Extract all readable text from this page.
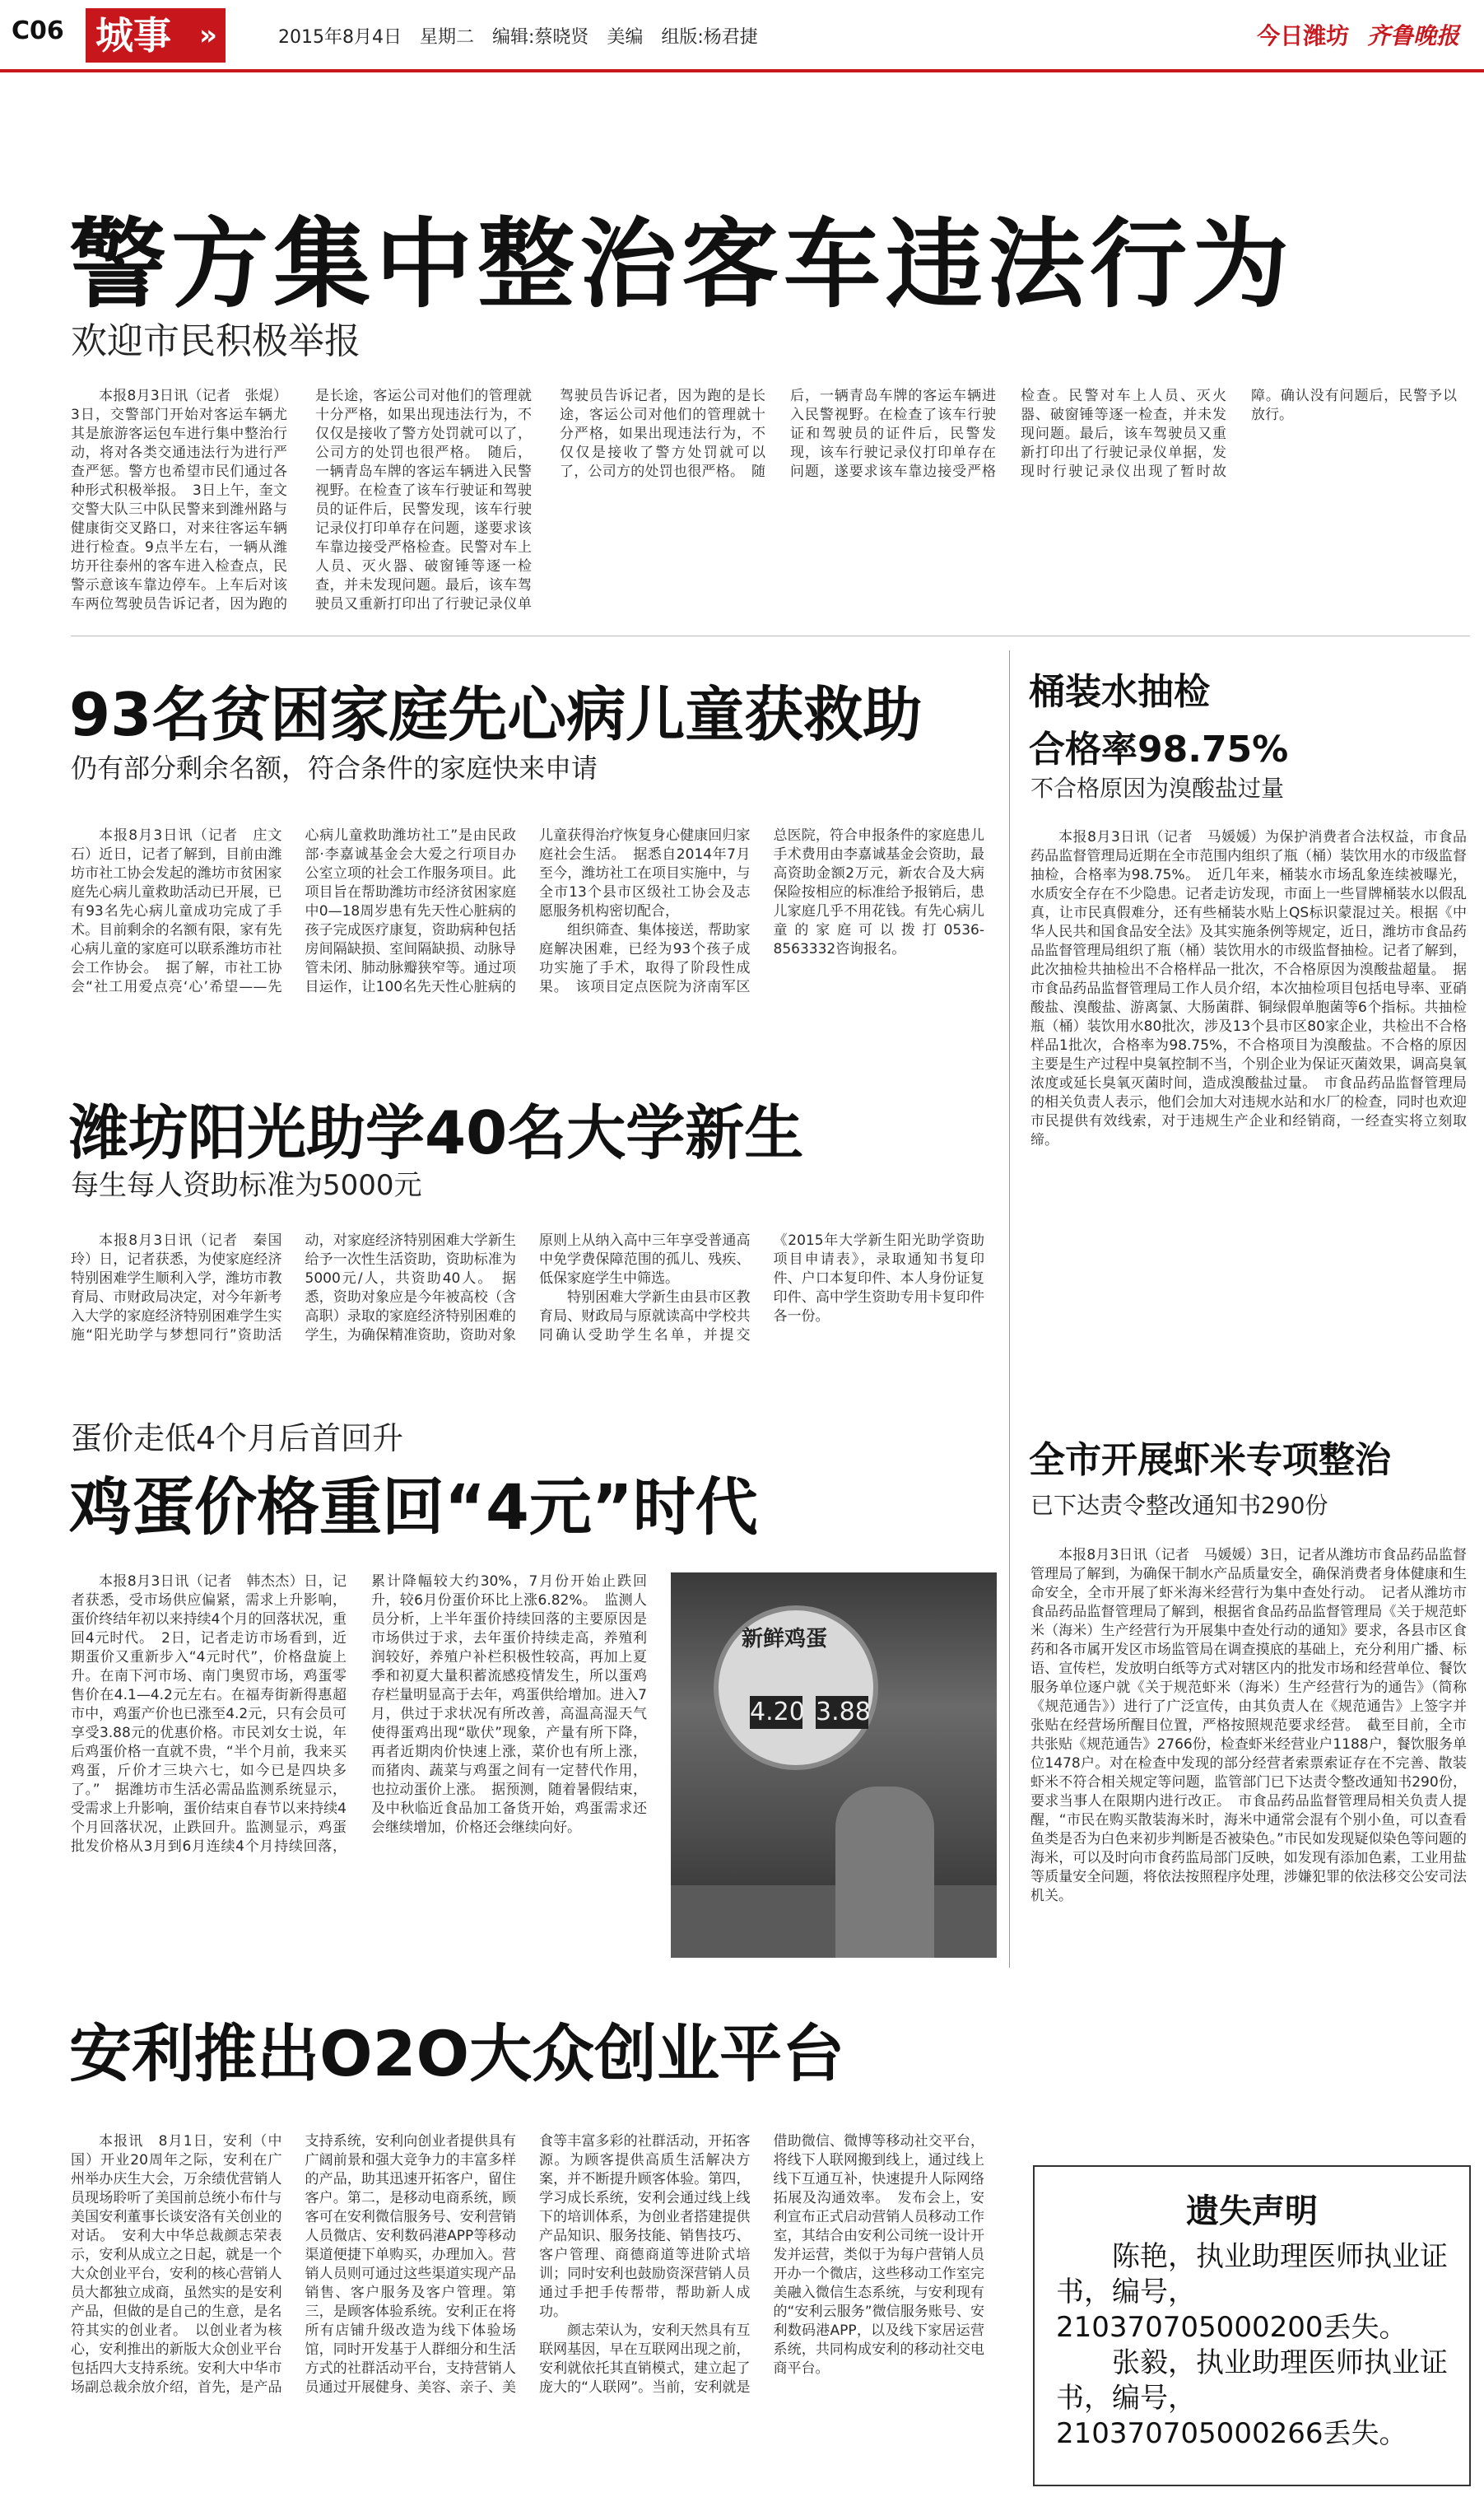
C06 城事 »	2015年8月4日　星期二　编辑:蔡晓贤　美编　组版:杨君捷	今日潍坊 齐鲁晚报
警方集中整治客车违法行为
欢迎市民积极举报

本报8月3日讯（记者　张焜）3日，交警部门开始对客运车辆尤其是旅游客运包车进行集中整治行动，将对各类交通违法行为进行严查严惩。警方也希望市民们通过各种形式积极举报。　3日上午，奎文交警大队三中队民警来到潍州路与健康街交叉路口，对来往客运车辆进行检查。9点半左右，一辆从潍坊开往泰州的客车进入检查点，民警示意该车靠边停车。上车后对该车两位驾驶员告诉记者，因为跑的是长途，客运公司对他们的管理就十分严格，如果出现违法行为，不仅仅是接收了警方处罚就可以了，公司方的处罚也很严格。　随后，一辆青岛车牌的客运车辆进入民警视野。在检查了该车行驶证和驾驶员的证件后，民警发现，该车行驶记录仪打印单存在问题，遂要求该车靠边接受严格检查。民警对车上人员、灭火器、破窗锤等逐一检查，并未发现问题。最后，该车驾驶员又重新打印出了行驶记录仪单

　　驾驶员告诉记者，因为跑的是长途，客运公司对他们的管理就十分严格，如果出现违法行为，不仅仅是接收了警方处罚就可以了，公司方的处罚也很严格。　随后，一辆青岛车牌的客运车辆进入民警视野。在检查了该车行驶证和驾驶员的证件后，民警发现，该车行驶记录仪打印单存在问题，遂要求该车靠边接受严格检查。民警对车上人员、灭火器、破窗锤等逐一检查，并未发现问题。最后，该车驾驶员又重新打印出了行驶记录仪单据，发现时行驶记录仪出现了暂时故障。确认没有问题后，民警予以放行。

93名贫困家庭先心病儿童获救助
仍有部分剩余名额，符合条件的家庭快来申请

本报8月3日讯（记者　庄文石）近日，记者了解到，目前由潍坊市社工协会发起的潍坊市贫困家庭先心病儿童救助活动已开展，已有93名先心病儿童成功完成了手术。目前剩余的名额有限，家有先心病儿童的家庭可以联系潍坊市社会工作协会。　据了解，市社工协会“社工用爱点亮‘心’希望——先心病儿童救助潍坊社工”是由民政部·李嘉诚基金会大爱之行项目办公室立项的社会工作服务项目。此项目旨在帮助潍坊市经济贫困家庭中0—18周岁患有先天性心脏病的孩子完成医疗康复，资助病种包括房间隔缺损、室间隔缺损、动脉导管未闭、肺动脉瓣狭窄等。通过项目运作，让100名先天性心脏病的儿童获得治疗恢复身心健康回归家庭社会生活。　据悉自2014年7月至今，潍坊社工在项目实施中，与全市13个县市区级社工协会及志愿服务机构密切配合，

组织筛查、集体接送，帮助家庭解决困难，已经为93个孩子成功实施了手术，取得了阶段性成果。　该项目定点医院为济南军区总医院，符合申报条件的家庭患儿手术费用由李嘉诚基金会资助，最高资助金额2万元，新农合及大病保险按相应的标准给予报销后，患儿家庭几乎不用花钱。有先心病儿童的家庭可以拨打0536-8563332咨询报名。

桶装水抽检
合格率98.75%
不合格原因为溴酸盐过量

本报8月3日讯（记者　马媛媛）为保护消费者合法权益，市食品药品监督管理局近期在全市范围内组织了瓶（桶）装饮用水的市级监督抽检，合格率为98.75%。　近几年来，桶装水市场乱象连续被曝光，水质安全存在不少隐患。记者走访发现，市面上一些冒牌桶装水以假乱真，让市民真假难分，还有些桶装水贴上QS标识蒙混过关。根据《中华人民共和国食品安全法》及其实施条例等规定，近日，潍坊市食品药品监督管理局组织了瓶（桶）装饮用水的市级监督抽检。记者了解到，此次抽检共抽检出不合格样品一批次，不合格原因为溴酸盐超量。　据市食品药品监督管理局工作人员介绍，本次抽检项目包括电导率、亚硝酸盐、溴酸盐、游离氯、大肠菌群、铜绿假单胞菌等6个指标。共抽检瓶（桶）装饮用水80批次，涉及13个县市区80家企业，共检出不合格样品1批次，合格率为98.75%，不合格项目为溴酸盐。不合格的原因主要是生产过程中臭氧控制不当，个别企业为保证灭菌效果，调高臭氧浓度或延长臭氧灭菌时间，造成溴酸盐过量。　市食品药品监督管理局的相关负责人表示，他们会加大对违规水站和水厂的检查，同时也欢迎市民提供有效线索，对于违规生产企业和经销商，一经查实将立刻取缔。

潍坊阳光助学40名大学新生
每生每人资助标准为5000元

本报8月3日讯（记者　秦国玲）日，记者获悉，为使家庭经济特别困难学生顺利入学，潍坊市教育局、市财政局决定，对今年新考入大学的家庭经济特别困难学生实施“阳光助学与梦想同行”资助活动，对家庭经济特别困难大学新生给予一次性生活资助，资助标准为5000元/人，共资助40人。　据悉，资助对象应是今年被高校（含高职）录取的家庭经济特别困难的学生，为确保精准资助，资助对象原则上从纳入高中三年享受普通高中免学费保障范围的孤儿、残疾、低保家庭学生中筛选。

特别困难大学新生由县市区教育局、财政局与原就读高中学校共同确认受助学生名单，并提交《2015年大学新生阳光助学资助项目申请表》，录取通知书复印件、户口本复印件、本人身份证复印件、高中学生资助专用卡复印件各一份。

蛋价走低4个月后首回升
鸡蛋价格重回“4元”时代

本报8月3日讯（记者　韩杰杰）日，记者获悉，受市场供应偏紧，需求上升影响，蛋价终结年初以来持续4个月的回落状况，重回4元时代。　2日，记者走访市场看到，近期蛋价又重新步入“4元时代”，价格盘旋上升。在南下河市场、南门奥贸市场，鸡蛋零售价在4.1—4.2元左右。在福寿街新得惠超市中，鸡蛋产价也已涨至4.2元，只有会员可享受3.88元的优惠价格。市民刘女士说，年后鸡蛋价格一直就不贵，“半个月前，我来买鸡蛋，斤价才三块六七，如今已是四块多了。”　据潍坊市生活必需品监测系统显示，受需求上升影响，蛋价结束自春节以来持续4个月回落状况，止跌回升。监测显示，鸡蛋批发价格从3月到6月连续4个月持续回落，累计降幅较大约30%，7月份开始止跌回升，较6月份蛋价环比上涨6.82%。　监测人员分析，上半年蛋价持续回落的主要原因是市场供过于求，去年蛋价持续走高，养殖利润较好，养殖户补栏积极性较高，再加上夏季和初夏大量积蓄流感疫情发生，所以蛋鸡存栏量明显高于去年，鸡蛋供给增加。进入7月，供过于求状况有所改善，高温高湿天气使得蛋鸡出现“歇伏”现象，产量有所下降，再者近期肉价快速上涨，菜价也有所上涨，而猪肉、蔬菜与鸡蛋之间有一定替代作用，也拉动蛋价上涨。　据预测，随着暑假结束，及中秋临近食品加工备货开始，鸡蛋需求还会继续增加，价格还会继续向好。

新鲜鸡蛋
4.20 3.88
全市开展虾米专项整治
已下达责令整改通知书290份

本报8月3日讯（记者　马媛媛）3日，记者从潍坊市食品药品监督管理局了解到，为确保干制水产品质量安全，确保消费者身体健康和生命安全，全市开展了虾米海米经营行为集中查处行动。　记者从潍坊市食品药品监督管理局了解到，根据省食品药品监督管理局《关于规范虾米（海米）生产经营行为开展集中查处行动的通知》要求，各县市区食药和各市属开发区市场监管局在调查摸底的基础上，充分利用广播、标语、宣传栏，发放明白纸等方式对辖区内的批发市场和经营单位、餐饮服务单位逐户就《关于规范虾米（海米）生产经营行为的通告》（简称《规范通告》）进行了广泛宣传，由其负责人在《规范通告》上签字并张贴在经营场所醒目位置，严格按照规范要求经营。　截至目前，全市共张贴《规范通告》2766份，检查虾米经营业户1188户，餐饮服务单位1478户。对在检查中发现的部分经营者索票索证存在不完善、散装虾米不符合相关规定等问题，监管部门已下达责令整改通知书290份，要求当事人在限期内进行改正。　市食品药品监督管理局相关负责人提醒，“市民在购买散装海米时，海米中通常会混有个别小鱼，可以查看鱼类是否为白色来初步判断是否被染色。”市民如发现疑似染色等问题的海米，可以及时向市食药监局部门反映，如发现有添加色素，工业用盐等质量安全问题，将依法按照程序处理，涉嫌犯罪的依法移交公安司法机关。

安利推出O2O大众创业平台

本报讯　8月1日，安利（中国）开业20周年之际，安利在广州举办庆生大会，万余绩优营销人员现场聆听了美国前总统小布什与美国安利董事长谈安洛有关创业的对话。　安利大中华总裁颜志荣表示，安利从成立之日起，就是一个大众创业平台，安利的核心营销人员大都独立成商，虽然实的是安利产品，但做的是自己的生意，是名符其实的创业者。　以创业者为核心，安利推出的新版大众创业平台包括四大支持系统。安利大中华市场副总裁余放介绍，首先，是产品支持系统，安利向创业者提供具有广阔前景和强大竞争力的丰富多样的产品，助其迅速开拓客户，留住客户。第二，是移动电商系统，顾客可在安利微信服务号、安利营销人员微店、安利数码港APP等移动渠道便捷下单购买，办理加入。营销人员则可通过这些渠道实现产品销售、客户服务及客户管理。第三，是顾客体验系统。安利正在将所有店铺升级改造为线下体验场馆，同时开发基于人群细分和生活方式的社群活动平台，支持营销人员通过开展健身、美容、亲子、美食等丰富多彩的社群活动，开拓客源。为顾客提供高质生活解决方案，并不断提升顾客体验。第四，学习成长系统，安利会通过线上线下的培训体系，为创业者搭建提供产品知识、服务技能、销售技巧、客户管理、商德商道等进阶式培训；同时安利也鼓励资深营销人员通过手把手传帮带，帮助新人成功。

颜志荣认为，安利天然具有互联网基因，早在互联网出现之前，安利就依托其直销模式，建立起了庞大的“人联网”。当前，安利就是借助微信、微博等移动社交平台，将线下人联网搬到线上，通过线上线下互通互补，快速提升人际网络拓展及沟通效率。　发布会上，安利宣布正式启动营销人员移动工作室，其结合由安利公司统一设计开发并运营，类似于为每户营销人员开办一个微店，这些移动工作室完美融入微信生态系统，与安利现有的“安利云服务”微信服务账号、安利数码港APP，以及线下家居运营系统，共同构成安利的移动社交电商平台。

遗失声明

陈艳，执业助理医师执业证书，编号，210370705000200丢失。

张毅，执业助理医师执业证书，编号，210370705000266丢失。
